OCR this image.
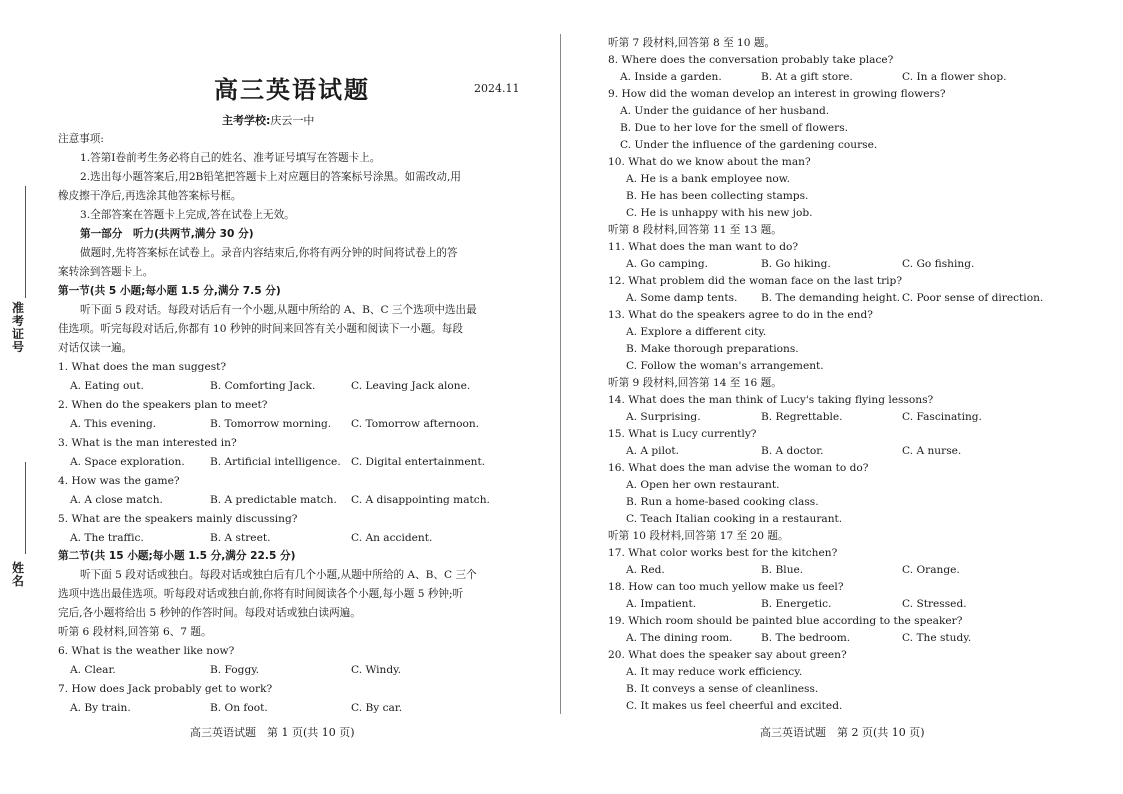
准考证号
姓名
高三英语试题	2024.11
主考学校:庆云一中
注意事项:
1.答第Ⅰ卷前考生务必将自己的姓名、准考证号填写在答题卡上。
2.选出每小题答案后,用2B铅笔把答题卡上对应题目的答案标号涂黑。如需改动,用
橡皮擦干净后,再选涂其他答案标号框。
3.全部答案在答题卡上完成,答在试卷上无效。
第一部分　听力(共两节,满分 30 分)
做题时,先将答案标在试卷上。录音内容结束后,你将有两分钟的时间将试卷上的答
案转涂到答题卡上。
第一节(共 5 小题;每小题 1.5 分,满分 7.5 分)
听下面 5 段对话。每段对话后有一个小题,从题中所给的 A、B、C 三个选项中选出最
佳选项。听完每段对话后,你都有 10 秒钟的时间来回答有关小题和阅读下一小题。每段
对话仅读一遍。
1. What does the man suggest?
A. Eating out.	B. Comforting Jack.	C. Leaving Jack alone.
2. When do the speakers plan to meet?
A. This evening.	B. Tomorrow morning. C. Tomorrow afternoon.
3. What is the man interested in?
A. Space exploration. B. Artificial intelligence. C. Digital entertainment.
4. How was the game?
A. A close match.	B. A predictable match. C. A disappointing match.
5. What are the speakers mainly discussing?
A. The traffic.	B. A street.	C. An accident.
第二节(共 15 小题;每小题 1.5 分,满分 22.5 分)
听下面 5 段对话或独白。每段对话或独白后有几个小题,从题中所给的 A、B、C 三个
选项中选出最佳选项。听每段对话或独白前,你将有时间阅读各个小题,每小题 5 秒钟;听
完后,各小题将给出 5 秒钟的作答时间。每段对话或独白读两遍。
听第 6 段材料,回答第 6、7 题。
6. What is the weather like now?
A. Clear.	B. Foggy.	C. Windy.
7. How does Jack probably get to work?
A. By train.	B. On foot.	C. By car.
高三英语试题　第 1 页(共 10 页)
听第 7 段材料,回答第 8 至 10 题。
8. Where does the conversation probably take place?
A. Inside a garden.	B. At a gift store.	C. In a flower shop.
9. How did the woman develop an interest in growing flowers?
A. Under the guidance of her husband.
B. Due to her love for the smell of flowers.
C. Under the influence of the gardening course.
10. What do we know about the man?
A. He is a bank employee now.
B. He has been collecting stamps.
C. He is unhappy with his new job.
听第 8 段材料,回答第 11 至 13 题。
11. What does the man want to do?
A. Go camping.	B. Go hiking.	C. Go fishing.
12. What problem did the woman face on the last trip?
A. Some damp tents. B. The demanding height. C. Poor sense of direction.
13. What do the speakers agree to do in the end?
A. Explore a different city.
B. Make thorough preparations.
C. Follow the woman's arrangement.
听第 9 段材料,回答第 14 至 16 题。
14. What does the man think of Lucy's taking flying lessons?
A. Surprising.	B. Regrettable.	C. Fascinating.
15. What is Lucy currently?
A. A pilot.	B. A doctor.	C. A nurse.
16. What does the man advise the woman to do?
A. Open her own restaurant.
B. Run a home-based cooking class.
C. Teach Italian cooking in a restaurant.
听第 10 段材料,回答第 17 至 20 题。
17. What color works best for the kitchen?
A. Red.	B. Blue.	C. Orange.
18. How can too much yellow make us feel?
A. Impatient.	B. Energetic.	C. Stressed.
19. Which room should be painted blue according to the speaker?
A. The dining room.	B. The bedroom.	C. The study.
20. What does the speaker say about green?
A. It may reduce work efficiency.
B. It conveys a sense of cleanliness.
C. It makes us feel cheerful and excited.
高三英语试题　第 2 页(共 10 页)
